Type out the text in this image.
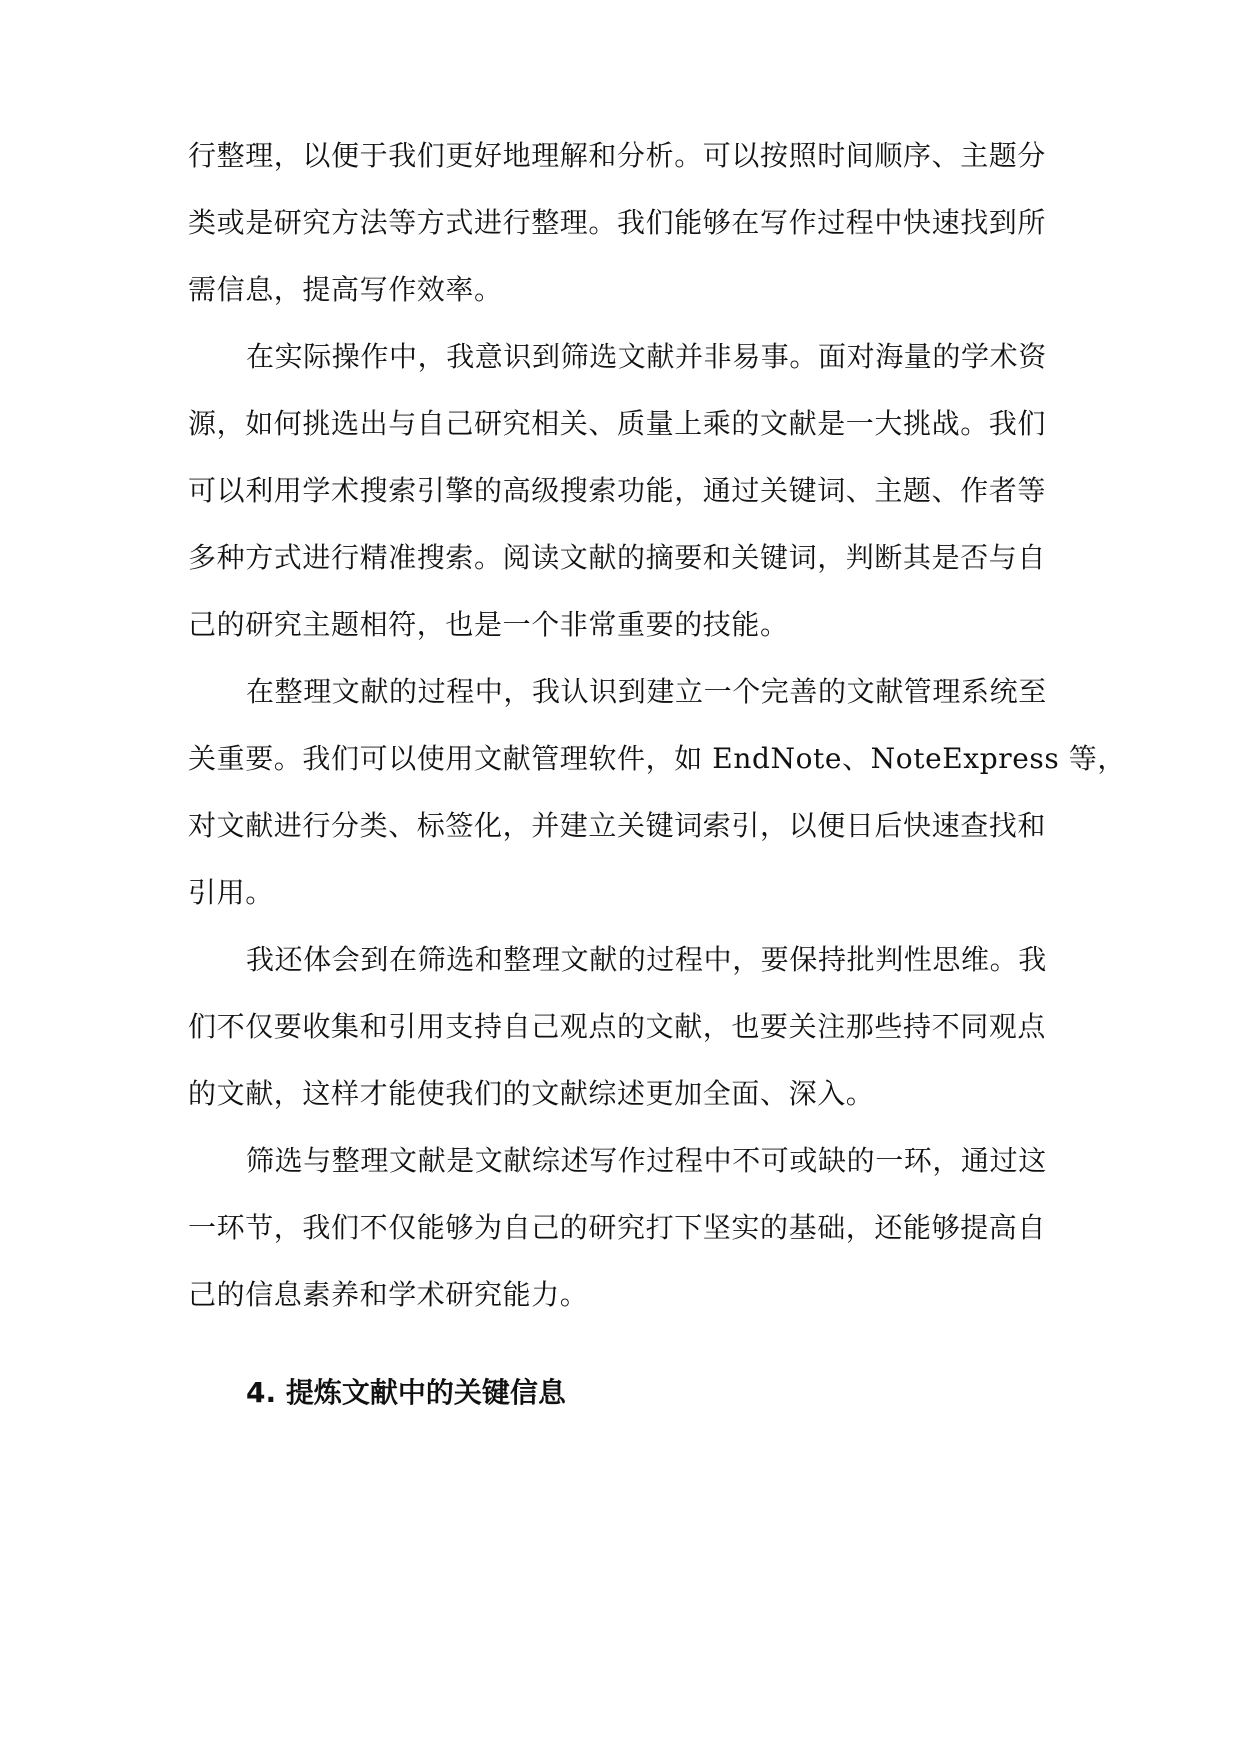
行整理，以便于我们更好地理解和分析。可以按照时间顺序、主题分
类或是研究方法等方式进行整理。我们能够在写作过程中快速找到所
需信息，提高写作效率。
在实际操作中，我意识到筛选文献并非易事。面对海量的学术资
源，如何挑选出与自己研究相关、质量上乘的文献是一大挑战。我们
可以利用学术搜索引擎的高级搜索功能，通过关键词、主题、作者等
多种方式进行精准搜索。阅读文献的摘要和关键词，判断其是否与自
己的研究主题相符，也是一个非常重要的技能。
在整理文献的过程中，我认识到建立一个完善的文献管理系统至
关重要。我们可以使用文献管理软件，如 EndNote、NoteExpress 等，
对文献进行分类、标签化，并建立关键词索引，以便日后快速查找和
引用。
我还体会到在筛选和整理文献的过程中，要保持批判性思维。我
们不仅要收集和引用支持自己观点的文献，也要关注那些持不同观点
的文献，这样才能使我们的文献综述更加全面、深入。
筛选与整理文献是文献综述写作过程中不可或缺的一环，通过这
一环节，我们不仅能够为自己的研究打下坚实的基础，还能够提高自
己的信息素养和学术研究能力。
4. 提炼文献中的关键信息
